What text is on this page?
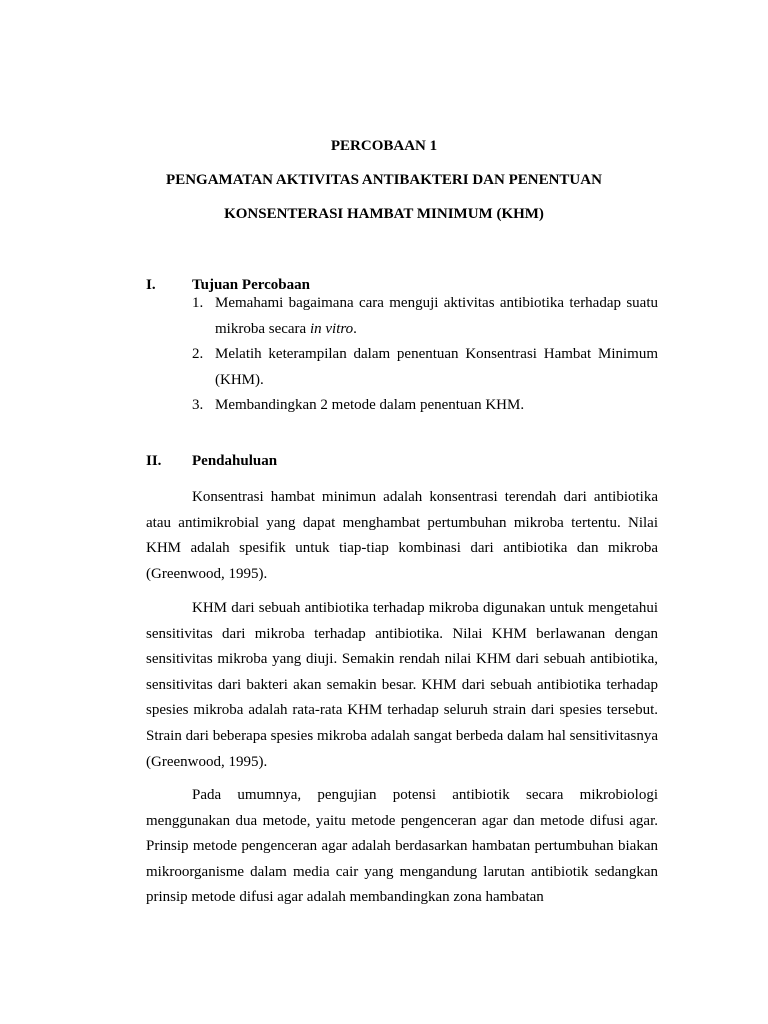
PERCOBAAN 1
PENGAMATAN AKTIVITAS ANTIBAKTERI DAN PENENTUAN
KONSENTERASI HAMBAT MINIMUM (KHM)
I. Tujuan Percobaan
1. Memahami bagaimana cara menguji aktivitas antibiotika terhadap suatu mikroba secara in vitro.
2. Melatih keterampilan dalam penentuan Konsentrasi Hambat Minimum (KHM).
3. Membandingkan 2 metode dalam penentuan KHM.
II. Pendahuluan

Konsentrasi hambat minimun adalah konsentrasi terendah dari antibiotika atau antimikrobial yang dapat menghambat pertumbuhan mikroba tertentu. Nilai KHM adalah spesifik untuk tiap-tiap kombinasi dari antibiotika dan mikroba (Greenwood, 1995).

KHM dari sebuah antibiotika terhadap mikroba digunakan untuk mengetahui sensitivitas dari mikroba terhadap antibiotika. Nilai KHM berlawanan dengan sensitivitas mikroba yang diuji. Semakin rendah nilai KHM dari sebuah antibiotika, sensitivitas dari bakteri akan semakin besar. KHM dari sebuah antibiotika terhadap spesies mikroba adalah rata-rata KHM terhadap seluruh strain dari spesies tersebut. Strain dari beberapa spesies mikroba adalah sangat berbeda dalam hal sensitivitasnya (Greenwood, 1995).

Pada umumnya, pengujian potensi antibiotik secara mikrobiologi menggunakan dua metode, yaitu metode pengenceran agar dan metode difusi agar. Prinsip metode pengenceran agar adalah berdasarkan hambatan pertumbuhan biakan mikroorganisme dalam media cair yang mengandung larutan antibiotik sedangkan prinsip metode difusi agar adalah membandingkan zona hambatan
